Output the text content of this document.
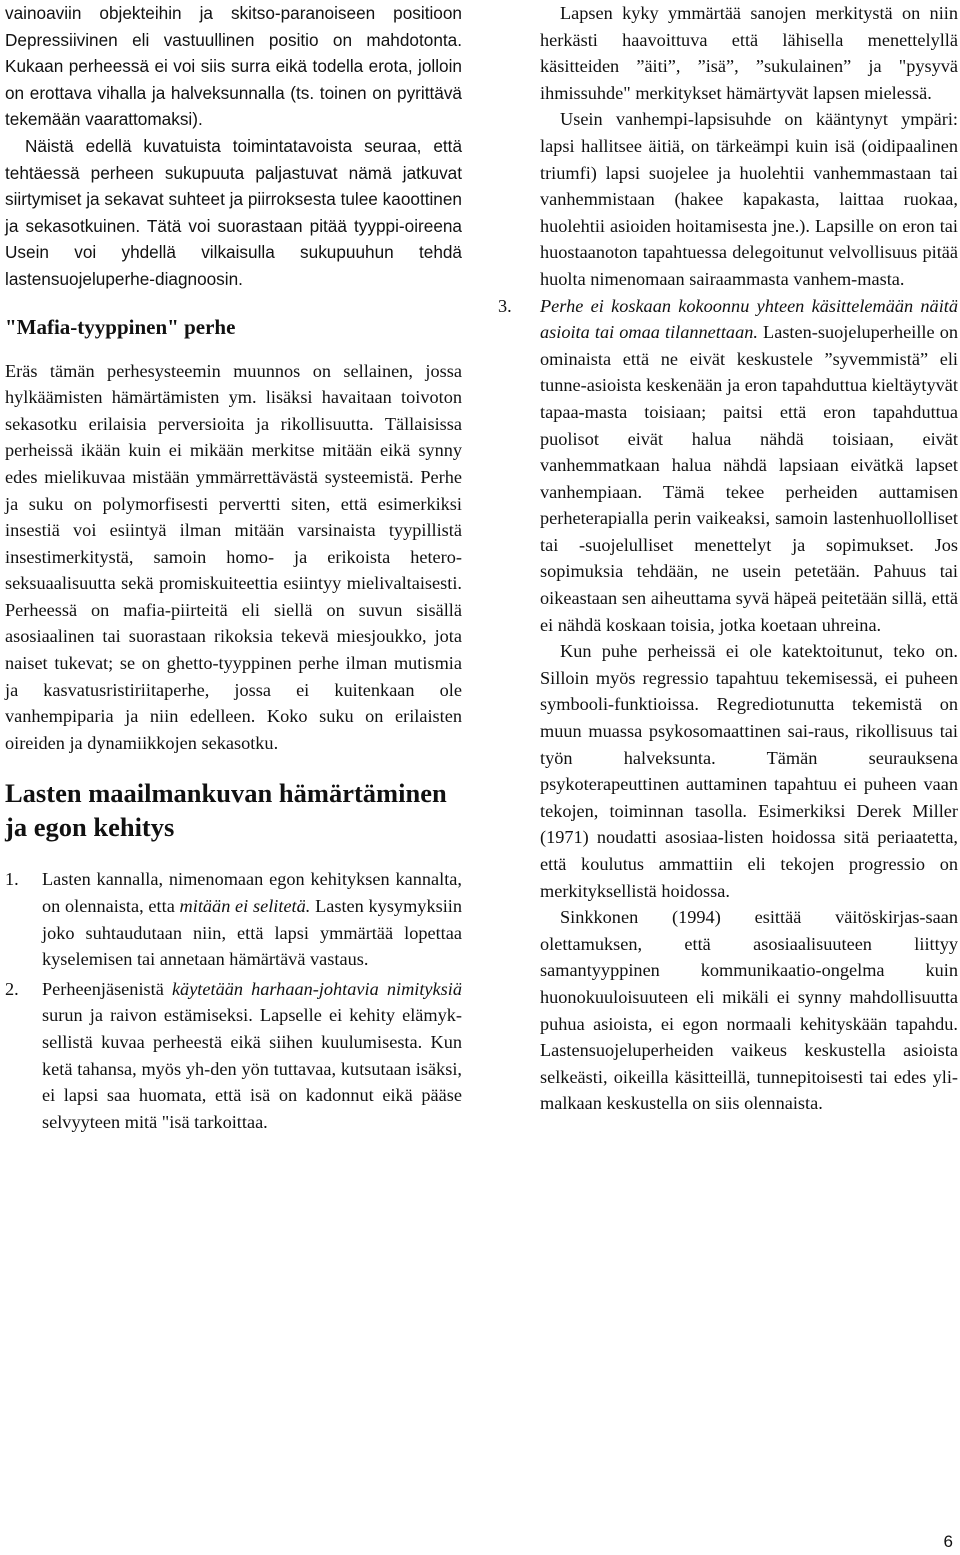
vainoaviin objekteihin ja skitso-paranoiseen positioon Depressiivinen eli vastuullinen positio on mahdotonta. Kukaan perheessä ei voi siis surra eikä todella erota, jolloin on erottava vihalla ja halveksunnalla (ts. toinen on pyrittävä tekemään vaarattomaksi).

Näistä edellä kuvatuista toimintatavoista seuraa, että tehtäessä perheen sukupuuta paljastuvat nämä jatkuvat siirtymiset ja sekavat suhteet ja piirroksesta tulee kaoottinen ja sekasotkuinen. Tätä voi suorastaan pitää tyyppi-oireena Usein voi yhdellä vilkaisulla sukupuuhun tehdä lastensuojeluperhe-diagnoosin.

"Mafia-tyyppinen" perhe

Eräs tämän perhesysteemin muunnos on sellainen, jossa hylkäämisten hämärtämisten ym. lisäksi havaitaan toivoton sekasotku erilaisia perversioita ja rikollisuutta. Tällaisissa perheissä ikään kuin ei mikään merkitse mitään eikä synny edes mielikuvaa mistään ymmärrettävästä systeemistä. Perhe ja suku on polymorfisesti pervertti siten, että esimerkiksi insestiä voi esiintyä ilman mitään varsinaista tyypillistä insestimerkitystä, samoin homo- ja erikoista hetero-seksuaalisuutta sekä promiskuiteettia esiintyy mielivaltaisesti. Perheessä on mafia-piirteitä eli siellä on suvun sisällä asosiaalinen tai suorastaan rikoksia tekevä miesjoukko, jota naiset tukevat; se on ghetto-tyyppinen perhe ilman mutismia ja kasvatusristiriitaperhe, jossa ei kuitenkaan ole vanhempiparia ja niin edelleen. Koko suku on erilaisten oireiden ja dynamiikkojen sekasotku.

Lasten maailmankuvan hämärtäminen ja egon kehitys
1. Lasten kannalla, nimenomaan egon kehityksen kannalta, on olennaista, etta mitään ei selitetä. Lasten kysymyksiin joko suhtaudutaan niin, että lapsi ymmärtää lopettaa kyselemisen tai annetaan hämärtävä vastaus.
2. Perheenjäsenistä käytetään harhaan-johtavia nimityksiä surun ja raivon estämiseksi. Lapselle ei kehity elämyk-sellistä kuvaa perheestä eikä siihen kuulumisesta. Kun ketä tahansa, myös yh-den yön tuttavaa, kutsutaan isäksi, ei lapsi saa huomata, että isä on kadonnut eikä pääse selvyyteen mitä "isä tarkoittaa.

Lapsen kyky ymmärtää sanojen merkitystä on niin herkästi haavoittuva että lähisella menettelyllä käsitteiden ”äiti”, ”isä”, ”sukulainen” ja "pysyvä ihmissuhde" merkitykset hämärtyvät lapsen mielessä.

Usein vanhempi-lapsisuhde on kääntynyt ympäri: lapsi hallitsee äitiä, on tärkeämpi kuin isä (oidipaalinen triumfi) lapsi suojelee ja huolehtii vanhemmastaan tai vanhemmistaan (hakee kapakasta, laittaa ruokaa, huolehtii asioiden hoitamisesta jne.). Lapsille on eron tai huostaanoton tapahtuessa delegoitunut velvollisuus pitää huolta nimenomaan sairaammasta vanhem-masta.

3. Perhe ei koskaan kokoonnu yhteen käsittelemään näitä asioita tai omaa tilannettaan. Lasten-suojeluperheille on ominaista että ne eivät keskustele ”syvemmistä” eli tunne-asioista keskenään ja eron tapahduttua kieltäytyvät tapaa-masta toisiaan; paitsi että eron tapahduttua puolisot eivät halua nähdä toisiaan, eivät vanhemmatkaan halua nähdä lapsiaan eivätkä lapset vanhempiaan. Tämä tekee perheiden auttamisen perheterapialla perin vaikeaksi, samoin lastenhuollolliset tai -suojelulliset menettelyt ja sopimukset. Jos sopimuksia tehdään, ne usein petetään. Pahuus tai oikeastaan sen aiheuttama syvä häpeä peitetään sillä, että ei nähdä koskaan toisia, jotka koetaan uhreina.

Kun puhe perheissä ei ole katektoitunut, teko on. Silloin myös regressio tapahtuu tekemisessä, ei puheen symbooli-funktioissa. Regrediotunutta tekemistä on muun muassa psykosomaattinen sai-raus, rikollisuus tai työn halveksunta. Tämän seurauksena psykoterapeuttinen auttaminen tapahtuu ei puheen vaan tekojen, toiminnan tasolla. Esimerkiksi Derek Miller (1971) noudatti asosiaa-listen hoidossa sitä periaatetta, että koulutus ammattiin eli tekojen progressio on merkityksellistä hoidossa.

Sinkkonen (1994) esittää väitöskirjas-saan olettamuksen, että asosiaalisuuteen liittyy samantyyppinen kommunikaatio-ongelma kuin huonokuuloisuuteen eli mikäli ei synny mahdollisuutta puhua asioista, ei egon normaali kehityskään tapahdu. Lastensuojeluperheiden vaikeus keskustella asioista selkeästi, oikeilla käsitteillä, tunnepitoisesti tai edes yli-malkaan keskustella on siis olennaista.

6
